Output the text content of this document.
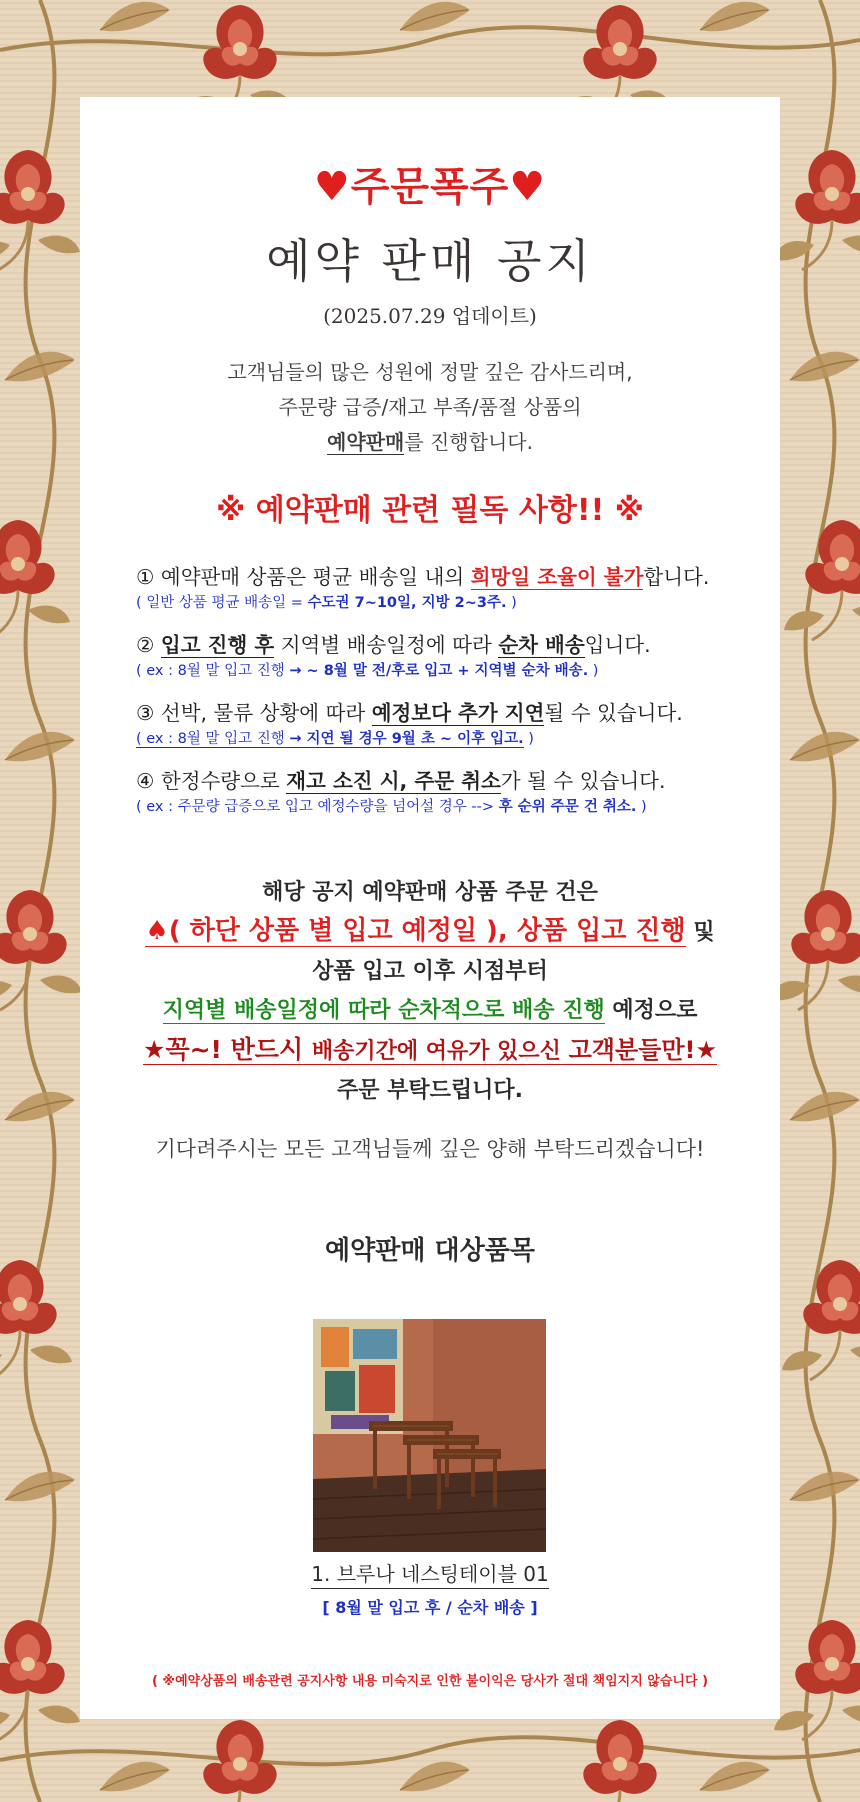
♥주문폭주♥
예약 판매 공지
(2025.07.29 업데이트)
고객님들의 많은 성원에 정말 깊은 감사드리며,
주문량 급증/재고 부족/품절 상품의
예약판매를 진행합니다.
※ 예약판매 관련 필독 사항!! ※
① 예약판매 상품은 평균 배송일 내의 희망일 조율이 불가합니다.
( 일반 상품 평균 배송일 = 수도권 7~10일, 지방 2~3주. )
② 입고 진행 후 지역별 배송일정에 따라 순차 배송입니다.
( ex : 8월 말 입고 진행 → ~ 8월 말 전/후로 입고 + 지역별 순차 배송. )
③ 선박, 물류 상황에 따라 예정보다 추가 지연될 수 있습니다.
( ex : 8월 말 입고 진행 → 지연 될 경우 9월 초 ~ 이후 입고. )
④ 한정수량으로 재고 소진 시, 주문 취소가 될 수 있습니다.
( ex : 주문량 급증으로 입고 예정수량을 넘어설 경우 --> 후 순위 주문 건 취소. )
해당 공지 예약판매 상품 주문 건은
♠( 하단 상품 별 입고 예정일 ), 상품 입고 진행 및
상품 입고 이후 시점부터
지역별 배송일정에 따라 순차적으로 배송 진행 예정으로
★꼭~! 반드시 배송기간에 여유가 있으신 고객분들만!★
주문 부탁드립니다.
기다려주시는 모든 고객님들께 깊은 양해 부탁드리겠습니다!
예약판매 대상품목
1. 브루나 네스팅테이블 01
[ 8월 말 입고 후 / 순차 배송 ]
( ※예약상품의 배송관련 공지사항 내용 미숙지로 인한 불이익은 당사가 절대 책임지지 않습니다 )
